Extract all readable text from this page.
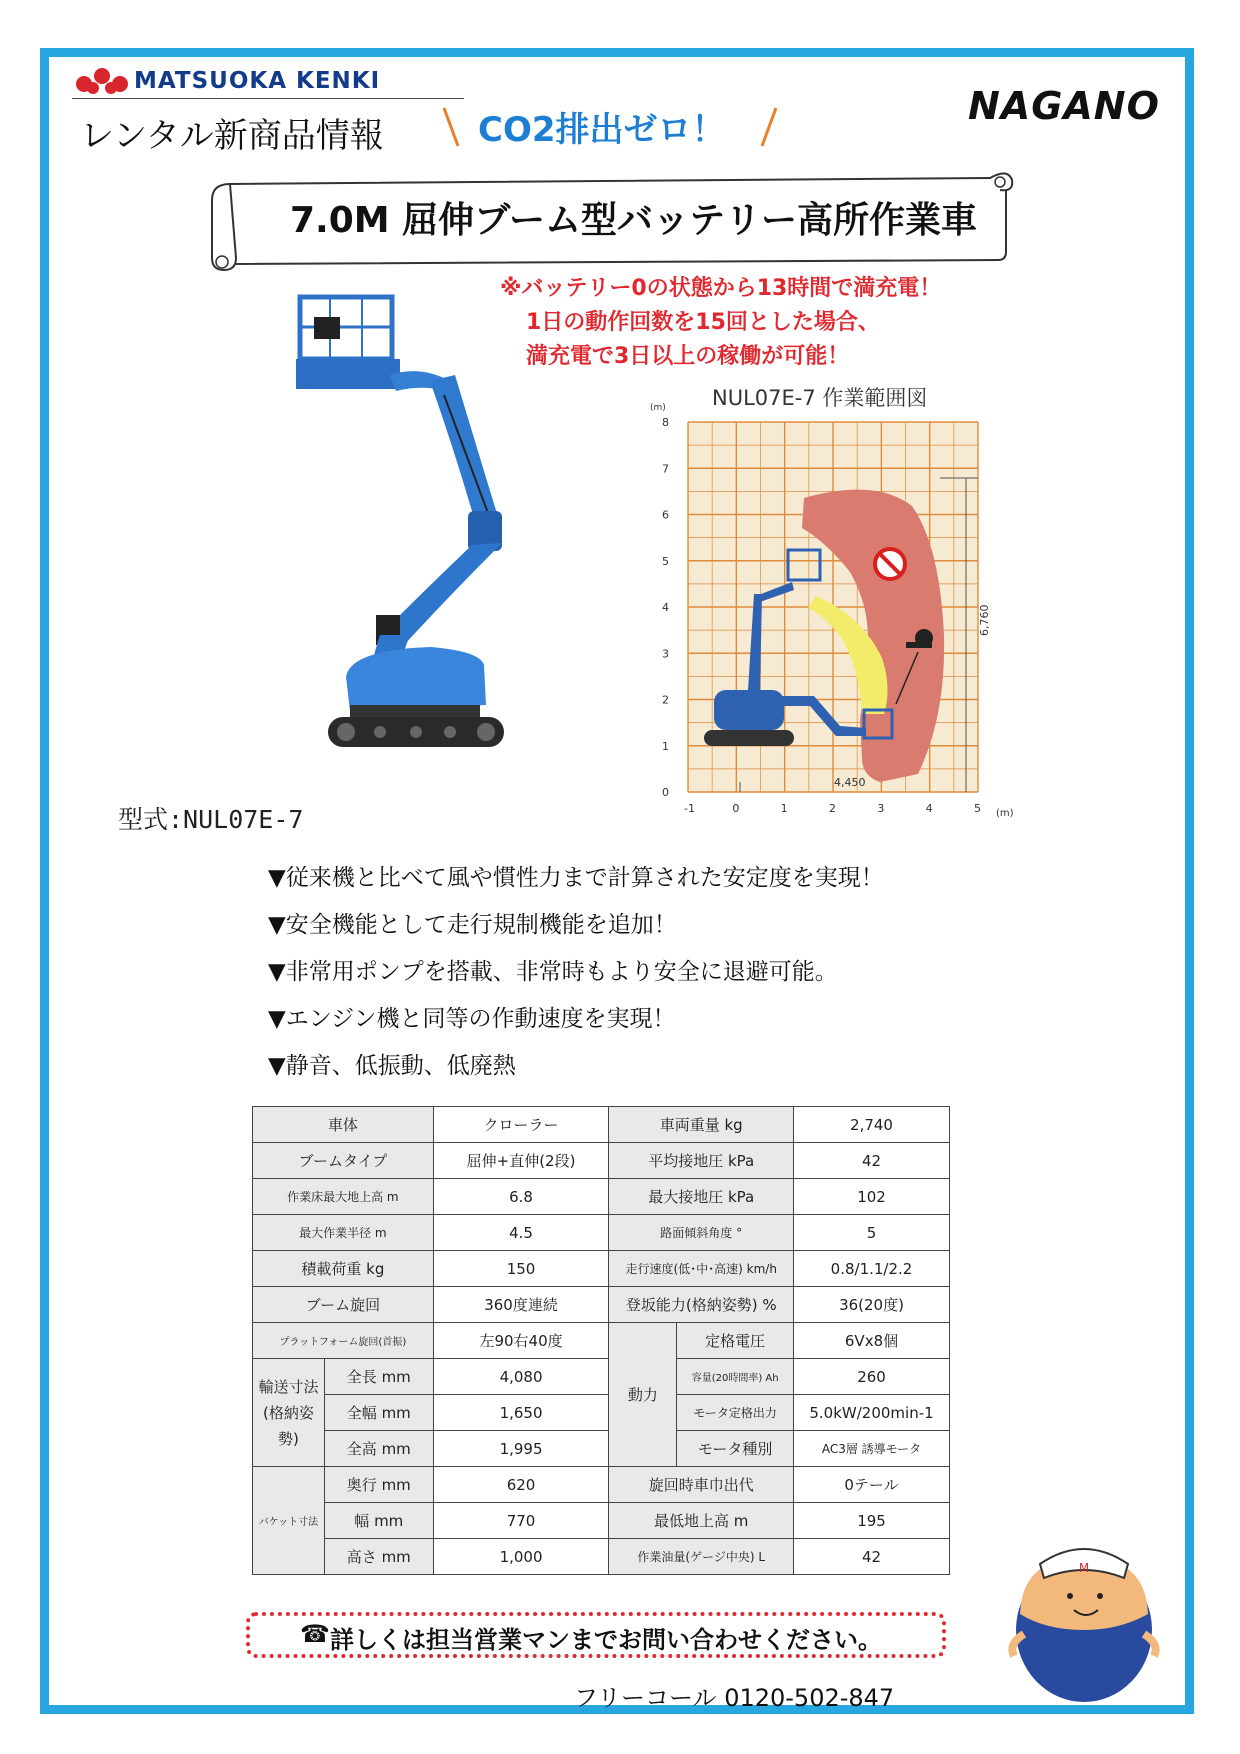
MATSUOKA KENKI
レンタル新商品情報	CO2排出ゼロ！
NAGANO
7.0M 屈伸ブーム型バッテリー高所作業車
※バッテリー0の状態から13時間で満充電！
1日の動作回数を15回とした場合、
満充電で3日以上の稼働が可能！
型式:NUL07E-7
NUL07E-7 作業範囲図
6,760
4,450
(m)
(m)
0
1
2
3
4
5
6
7
8
-1	0	1	2	3	4	5
▼従来機と比べて風や慣性力まで計算された安定度を実現！
▼安全機能として走行規制機能を追加！
▼非常用ポンプを搭載、非常時もより安全に退避可能。
▼エンジン機と同等の作動速度を実現！
▼静音、低振動、低廃熱
車体		クローラー	車両重量 kg		2,740
ブームタイプ		屈伸+直伸(2段)	平均接地圧 kPa		42
作業床最大地上高 m		6.8	最大接地圧 kPa		102
最大作業半径 m		4.5	路面傾斜角度 °		5
積載荷重 kg		150	走行速度(低･中･高速) km/h		0.8/1.1/2.2
ブーム旋回		360度連続	登坂能力(格納姿勢) %		36(20度)
プラットフォーム旋回(首振)		左90右40度	動力	定格電圧	6Vx8個
輸送寸法(格納姿勢)	全長 mm	4,080		容量(20時間率) Ah	260
	全幅 mm	1,650		モータ定格出力	5.0kW/200min-1
	全高 mm	1,995		モータ種別	AC3層 誘導モータ
バケット寸法	奥行 mm	620	旋回時車巾出代		0テール
	幅 mm	770	最低地上高 m		195
	高さ mm	1,000	作業油量(ゲージ中央) L		42
☎ 詳しくは担当営業マンまでお問い合わせください。
フリーコール 0120-502-847
M
